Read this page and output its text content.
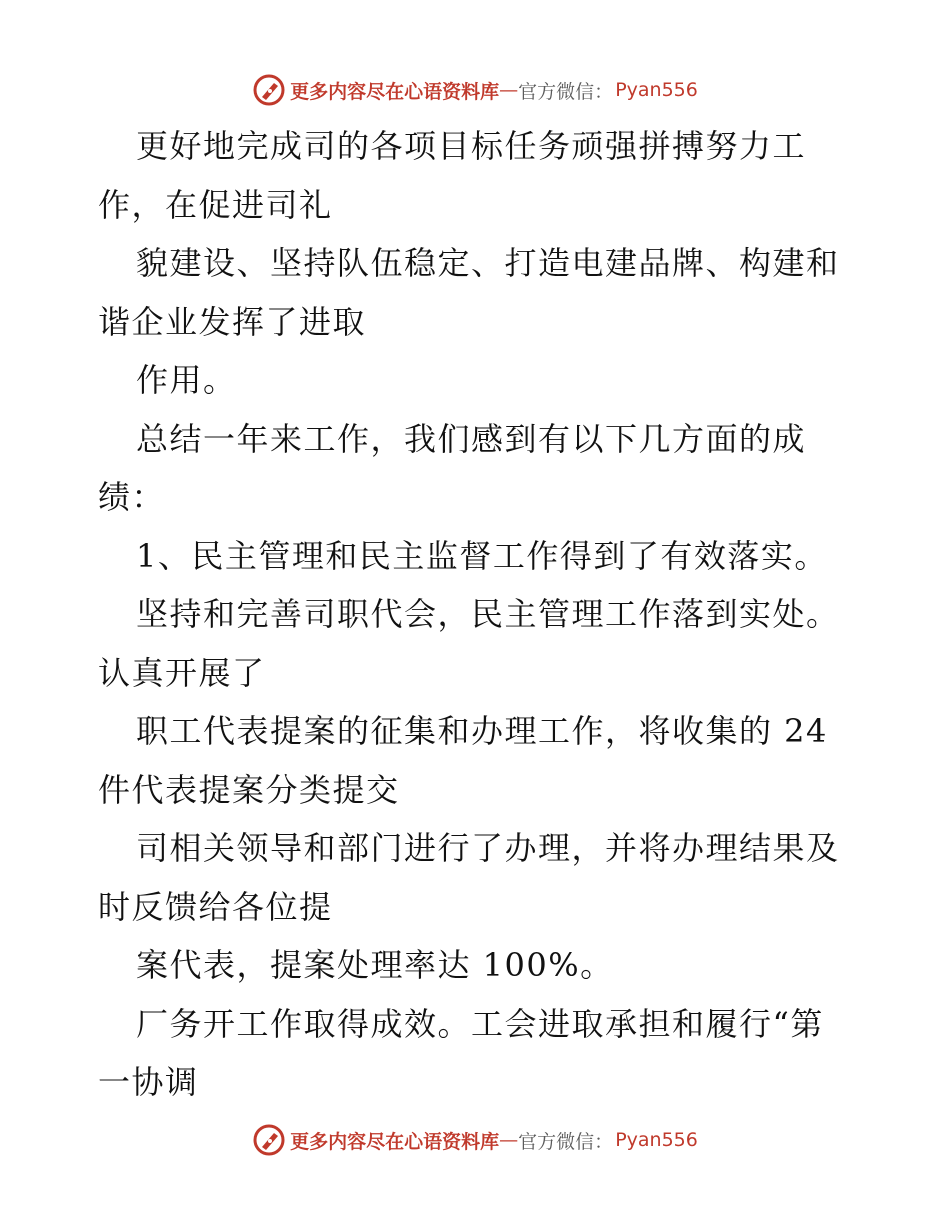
更多内容尽在心语资料库 — 官方微信： Pyan556
更好地完成司的各项目标任务顽强拼搏努力工
作，在促进司礼
貌建设、坚持队伍稳定、打造电建品牌、构建和
谐企业发挥了进取
作用。
总结一年来工作，我们感到有以下几方面的成
绩：
1、民主管理和民主监督工作得到了有效落实。
坚持和完善司职代会，民主管理工作落到实处。
认真开展了
职工代表提案的征集和办理工作，将收集的 24
件代表提案分类提交
司相关领导和部门进行了办理，并将办理结果及
时反馈给各位提
案代表，提案处理率达 100%。
厂务开工作取得成效。工会进取承担和履行“第
一协调
更多内容尽在心语资料库 — 官方微信： Pyan556
